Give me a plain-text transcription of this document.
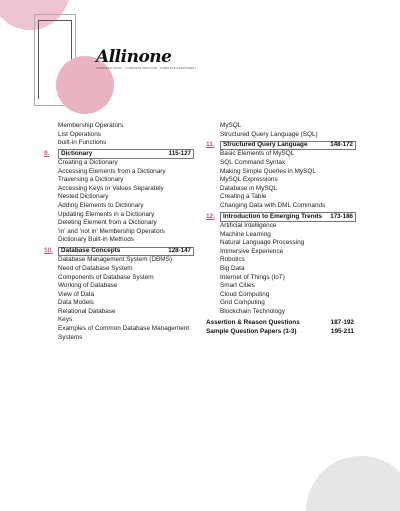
Allinone
COMPLETE STUDY · COMPLETE PRACTICE · COMPLETE ASSESSMENT
Membership Operators
List Operations
built-in Functions
9.	Dictionary	115-127
Creating a Dictionary
Accessing Elements from a Dictionary
Traversing a Dictionary
Accessing Keys or Values Separately
Nested Dictionary
Adding Elements to Dictionary
Updating Elements in a Dictionary
Deleting Element from a Dictionary
'in' and 'not in' Membership Operators
Dictionary Built-in Methods
10.	Database Concepts	128-147
Database Management System (DBMS)
Need of Database System
Components of Database System
Working of Database
View of Data
Data Models
Relational Database
Keys
Examples of Common Database Management
Systems
MySQL
Structured Query Language (SQL)
11.	Structured Query Language	148-172
Basic Elements of MySQL
SQL Command Syntax
Making Simple Queries in MySQL
MySQL Expressions
Database in MySQL
Creating a Table
Changing Data with DML Commands
12.	Introduction to Emerging Trends 173-186
Artificial Intelligence
Machine Learning
Natural Language Processing
Immersive Experience
Robotics
Big Data
Internet of Things (IoT)
Smart Cities
Cloud Computing
Grid Computing
Blockchain Technology
Assertion & Reason Questions	187-192
Sample Question Papers (1-3)	195-211
